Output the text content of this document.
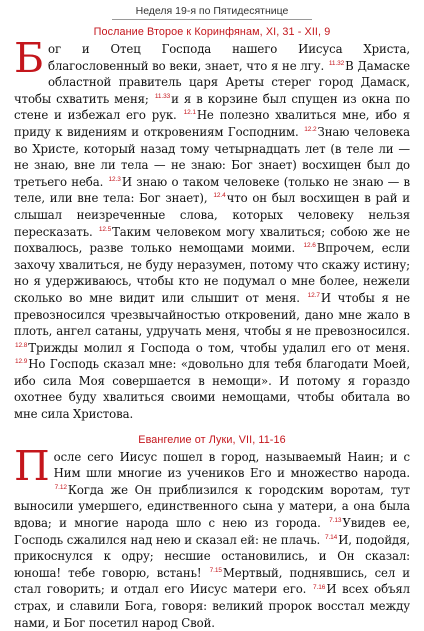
Неделя 19-я по Пятидесятнице
Послание Второе к Коринфянам, XI, 31 - XII, 9
Бог и Отец Господа нашего Иисуса Христа, благословенный во веки, знает, что я не лгу. $^{11.32}$В Дамаске областной правитель царя Ареты стерег город Дамаск, чтобы схватить меня; $^{11.33}$и я в корзине был спущен из окна по стене и избежал его рук. $^{12.1}$Не полезно хвалиться мне, ибо я приду к видениям и откровениям Господним. $^{12.2}$Знаю человека во Христе, который назад тому четырнадцать лет (в теле ли — не знаю, вне ли тела — не знаю: Бог знает) восхищен был до третьего неба. $^{12.3}$И знаю о таком человеке (только не знаю — в теле, или вне тела: Бог знает), $^{12.4}$что он был восхищен в рай и слышал неизреченные слова, которых человеку нельзя пересказать. $^{12.5}$Таким человеком могу хвалиться; собою же не похвалюсь, разве только немощами моими. $^{12.6}$Впрочем, если захочу хвалиться, не буду неразумен, потому что скажу истину; но я удерживаюсь, чтобы кто не подумал о мне более, нежели сколько во мне видит или слышит от меня. $^{12.7}$И чтобы я не превозносился чрезвычайностью откровений, дано мне жало в плоть, ангел сатаны, удручать меня, чтобы я не превозносился. $^{12.8}$Трижды молил я Господа о том, чтобы удалил его от меня. $^{12.9}$Но Господь сказал мне: «довольно для тебя благодати Моей, ибо сила Моя совершается в немощи». И потому я гораздо охотнее буду хвалиться своими немощами, чтобы обитала во мне сила Христова.
Евангелие от Луки, VII, 11-16
После сего Иисус пошел в город, называемый Наин; и с Ним шли многие из учеников Его и множество народа. $^{7.12}$Когда же Он приблизился к городским воротам, тут выносили умершего, единственного сына у матери, а она была вдова; и многие народа шло с нею из города. $^{7.13}$Увидев ее, Господь сжалился над нею и сказал ей: не плачь. $^{7.14}$И, подойдя, прикоснулся к одру; несшие остановились, и Он сказал: юноша! тебе говорю, встань! $^{7.15}$Мертвый, поднявшись, сел и стал говорить; и отдал его Иисус матери его. $^{7.16}$И всех объял страх, и славили Бога, говоря: великий пророк восстал между нами, и Бог посетил народ Свой.
